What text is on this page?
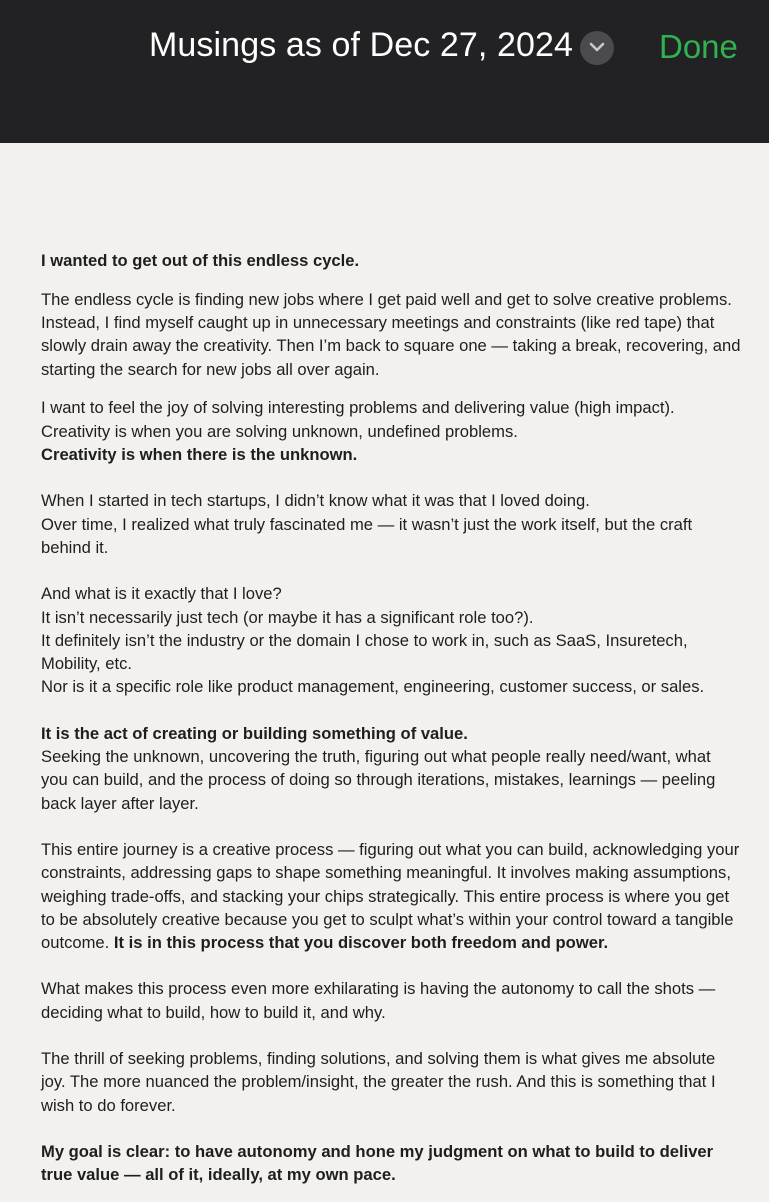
Musings as of Dec 27, 2024	Done

I wanted to get out of this endless cycle.

The endless cycle is finding new jobs where I get paid well and get to solve creative problems. Instead, I find myself caught up in unnecessary meetings and constraints (like red tape) that slowly drain away the creativity. Then I’m back to square one — taking a break, recovering, and starting the search for new jobs all over again.

I want to feel the joy of solving interesting problems and delivering value (high impact).
Creativity is when you are solving unknown, undefined problems.
Creativity is when there is the unknown.

When I started in tech startups, I didn’t know what it was that I loved doing.
Over time, I realized what truly fascinated me — it wasn’t just the work itself, but the craft behind it.

And what is it exactly that I love?
It isn’t necessarily just tech (or maybe it has a significant role too?).
It definitely isn’t the industry or the domain I chose to work in, such as SaaS, Insuretech, Mobility, etc.
Nor is it a specific role like product management, engineering, customer success, or sales.

It is the act of creating or building something of value.
Seeking the unknown, uncovering the truth, figuring out what people really need/want, what you can build, and the process of doing so through iterations, mistakes, learnings — peeling back layer after layer.

This entire journey is a creative process — figuring out what you can build, acknowledging your constraints, addressing gaps to shape something meaningful. It involves making assumptions, weighing trade-offs, and stacking your chips strategically. This entire process is where you get to be absolutely creative because you get to sculpt what’s within your control toward a tangible outcome. It is in this process that you discover both freedom and power.

What makes this process even more exhilarating is having the autonomy to call the shots — deciding what to build, how to build it, and why.

The thrill of seeking problems, finding solutions, and solving them is what gives me absolute joy. The more nuanced the problem/insight, the greater the rush. And this is something that I wish to do forever.

My goal is clear: to have autonomy and hone my judgment on what to build to deliver true value — all of it, ideally, at my own pace.
